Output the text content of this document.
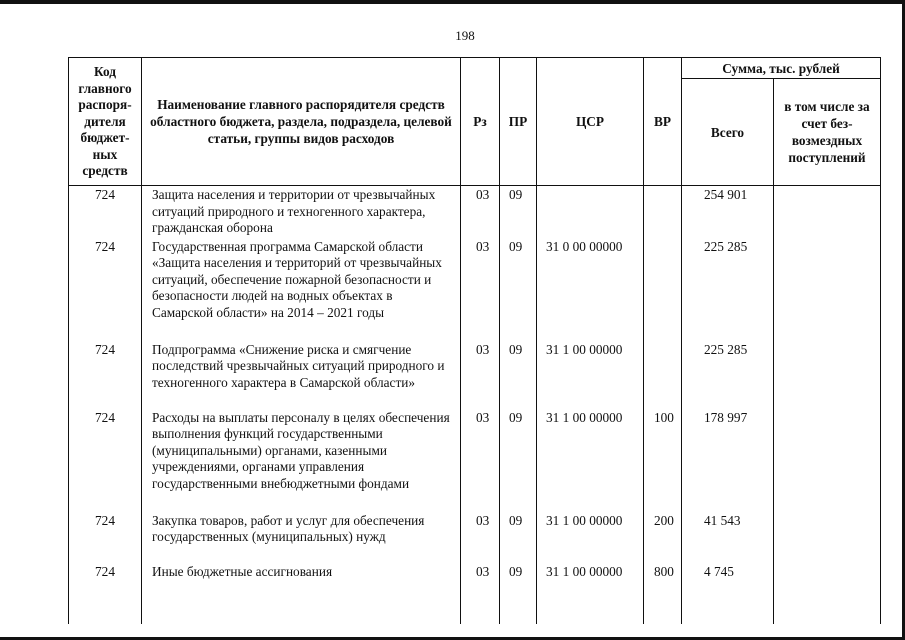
198
Код главного распоря-дителя бюджет-ных средств	Наименование главного распорядителя средств областного бюджета, раздела, подраздела, целевой статьи, группы видов расходов	Рз	ПР	ЦСР	ВР	Сумма, тыс. рублей	
						Всего	в том числе за счет без-возмездных поступлений
724	Защита населения и территории от чрезвычайных ситуаций природного и техногенного характера, гражданская оборона	03	09			254 901	
724	Государственная программа Самарской области «Защита населения и территорий от чрезвычайных ситуаций, обеспечение пожарной безопасности и безопасности людей на водных объектах в Самарской области» на 2014 – 2021 годы	03	09	31 0 00 00000		225 285	
724	Подпрограмма «Снижение риска и смягчение последствий чрезвычайных ситуаций природного и техногенного характера в Самарской области»	03	09	31 1 00 00000		225 285	
724	Расходы на выплаты персоналу в целях обеспечения выполнения функций государственными (муниципальными) органами, казенными учреждениями, органами управления государственными внебюджетными фондами	03	09	31 1 00 00000	100	178 997	
724	Закупка товаров, работ и услуг для обеспечения государственных (муниципальных) нужд	03	09	31 1 00 00000	200	41 543	
724	Иные бюджетные ассигнования	03	09	31 1 00 00000	800	4 745	
